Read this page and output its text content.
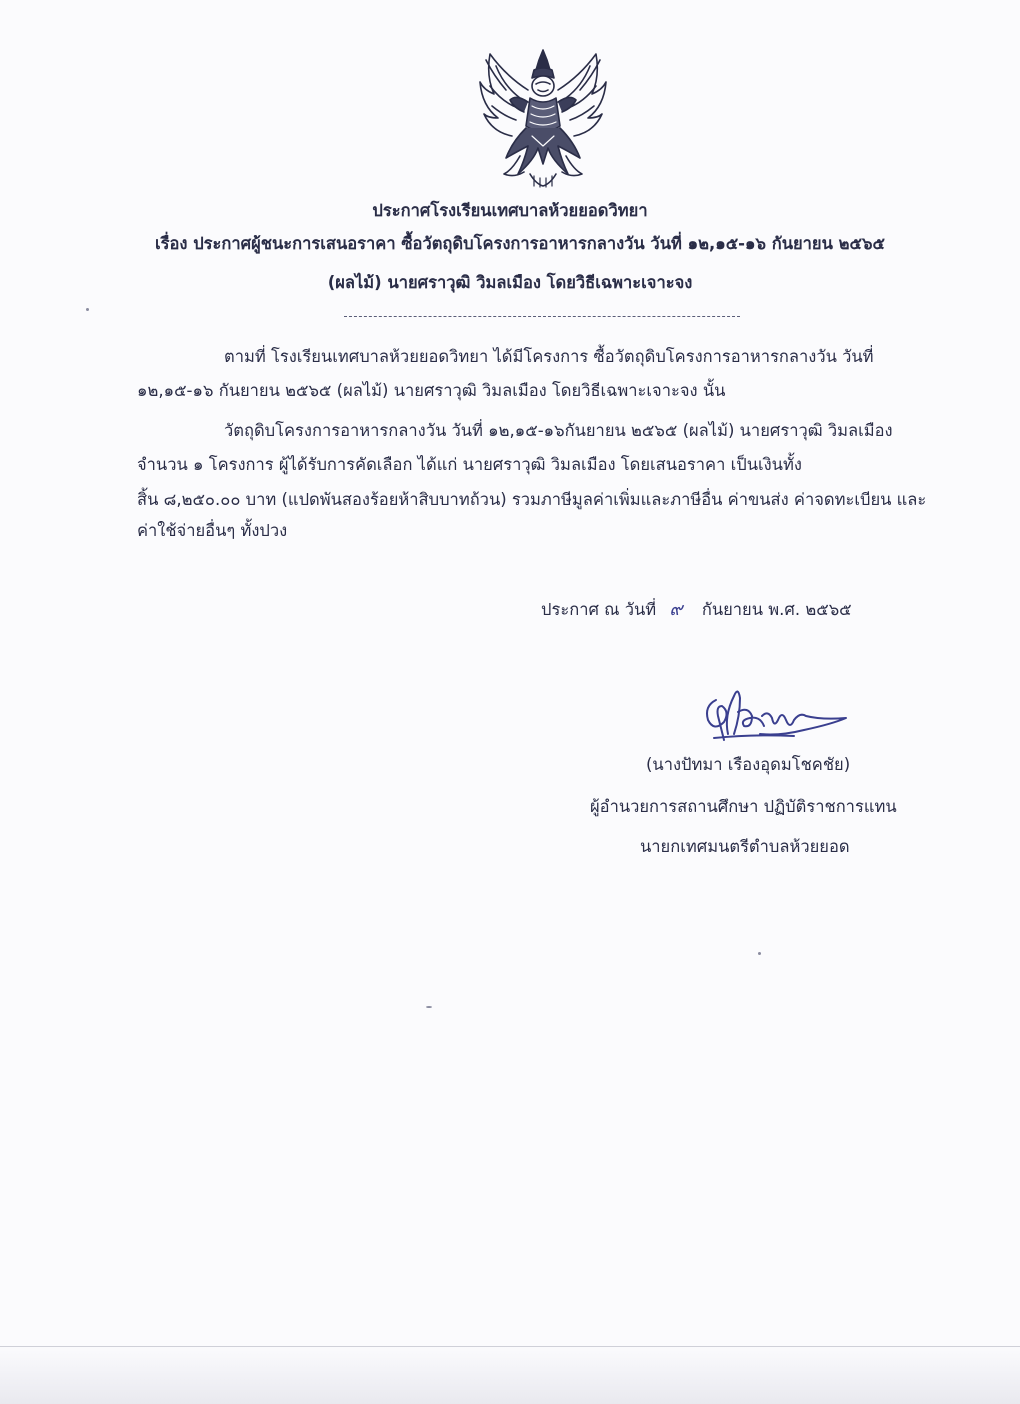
ประกาศโรงเรียนเทศบาลห้วยยอดวิทยา
เรื่อง ประกาศผู้ชนะการเสนอราคา ซื้อวัตถุดิบโครงการอาหารกลางวัน วันที่ ๑๒,๑๕-๑๖ กันยายน ๒๕๖๕
(ผลไม้) นายศราวุฒิ วิมลเมือง โดยวิธีเฉพาะเจาะจง
ตามที่ โรงเรียนเทศบาลห้วยยอดวิทยา ได้มีโครงการ ซื้อวัตถุดิบโครงการอาหารกลางวัน วันที่
๑๒,๑๕-๑๖ กันยายน ๒๕๖๕ (ผลไม้) นายศราวุฒิ วิมลเมือง โดยวิธีเฉพาะเจาะจง นั้น
วัตถุดิบโครงการอาหารกลางวัน วันที่ ๑๒,๑๕-๑๖กันยายน ๒๕๖๕ (ผลไม้) นายศราวุฒิ วิมลเมือง
จำนวน ๑ โครงการ ผู้ได้รับการคัดเลือก ได้แก่ นายศราวุฒิ วิมลเมือง โดยเสนอราคา เป็นเงินทั้ง
สิ้น ๘,๒๕๐.๐๐ บาท (แปดพันสองร้อยห้าสิบบาทถ้วน) รวมภาษีมูลค่าเพิ่มและภาษีอื่น ค่าขนส่ง ค่าจดทะเบียน และ
ค่าใช้จ่ายอื่นๆ ทั้งปวง
ประกาศ ณ วันที่ ๙ กันยายน พ.ศ. ๒๕๖๕
(นางปัทมา เรืองอุดมโชคชัย)
ผู้อำนวยการสถานศึกษา ปฏิบัติราชการแทน
นายกเทศมนตรีตำบลห้วยยอด
